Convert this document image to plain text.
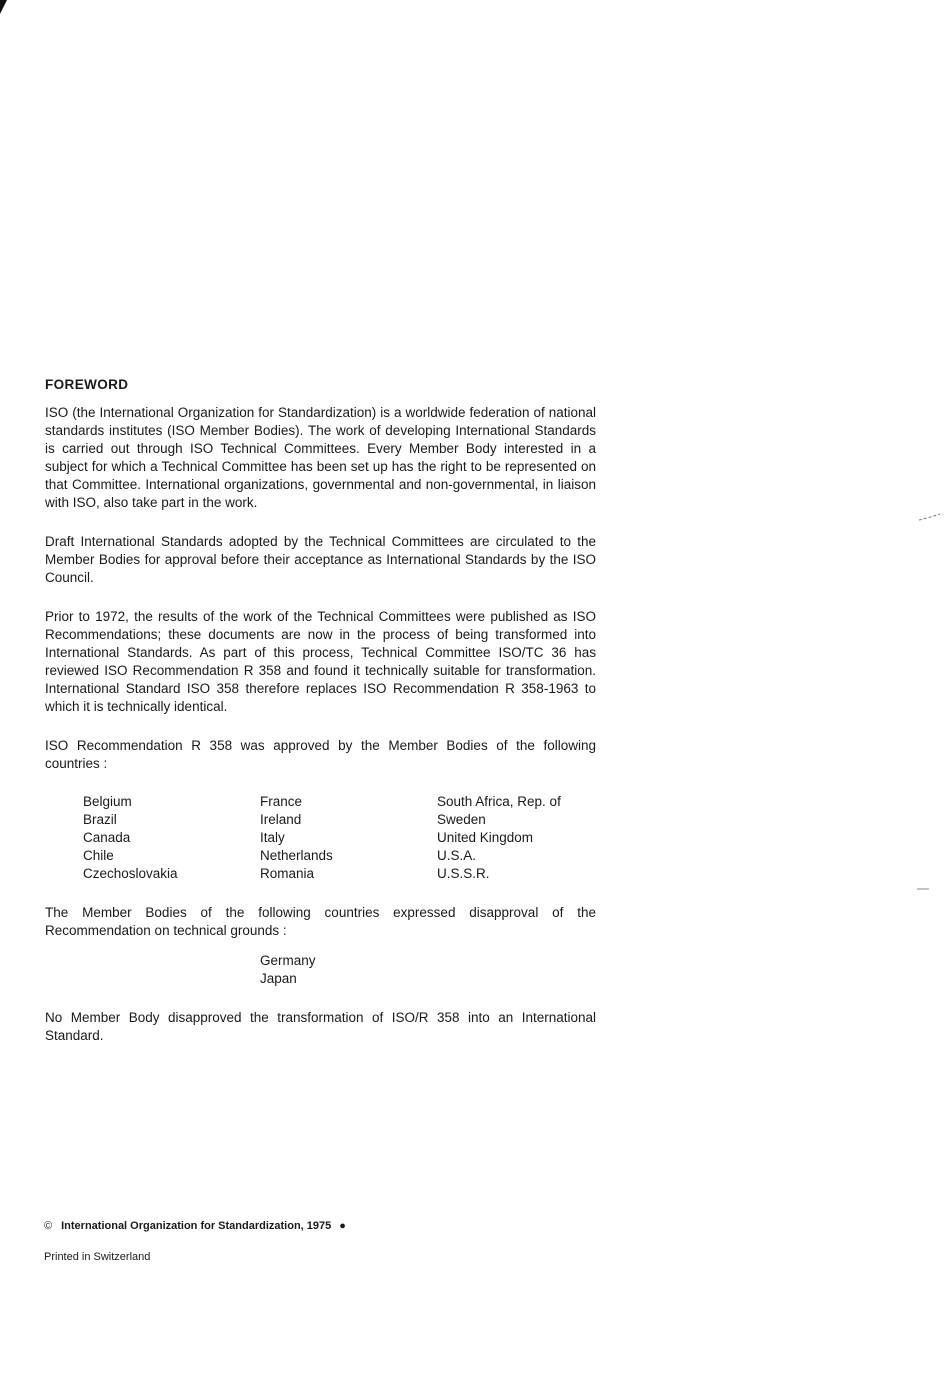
FOREWORD

ISO (the International Organization for Standardization) is a worldwide federation of national standards institutes (ISO Member Bodies). The work of developing International Standards is carried out through ISO Technical Committees. Every Member Body interested in a subject for which a Technical Committee has been set up has the right to be represented on that Committee. International organizations, governmental and non-governmental, in liaison with ISO, also take part in the work.

Draft International Standards adopted by the Technical Committees are circulated to the Member Bodies for approval before their acceptance as International Standards by the ISO Council.

Prior to 1972, the results of the work of the Technical Committees were published as ISO Recommendations; these documents are now in the process of being transformed into International Standards. As part of this process, Technical Committee ISO/TC 36 has reviewed ISO Recommendation R 358 and found it technically suitable for transformation. International Standard ISO 358 therefore replaces ISO Recommendation R 358-1963 to which it is technically identical.

ISO Recommendation R 358 was approved by the Member Bodies of the following countries :

Belgium
Brazil
Canada
Chile
Czechoslovakia
France
Ireland
Italy
Netherlands
Romania
South Africa, Rep. of
Sweden
United Kingdom
U.S.A.
U.S.S.R.

The Member Bodies of the following countries expressed disapproval of the Recommendation on technical grounds :

Germany
Japan

No Member Body disapproved the transformation of ISO/R 358 into an International Standard.

© International Organization for Standardization, 1975 ●
Printed in Switzerland
